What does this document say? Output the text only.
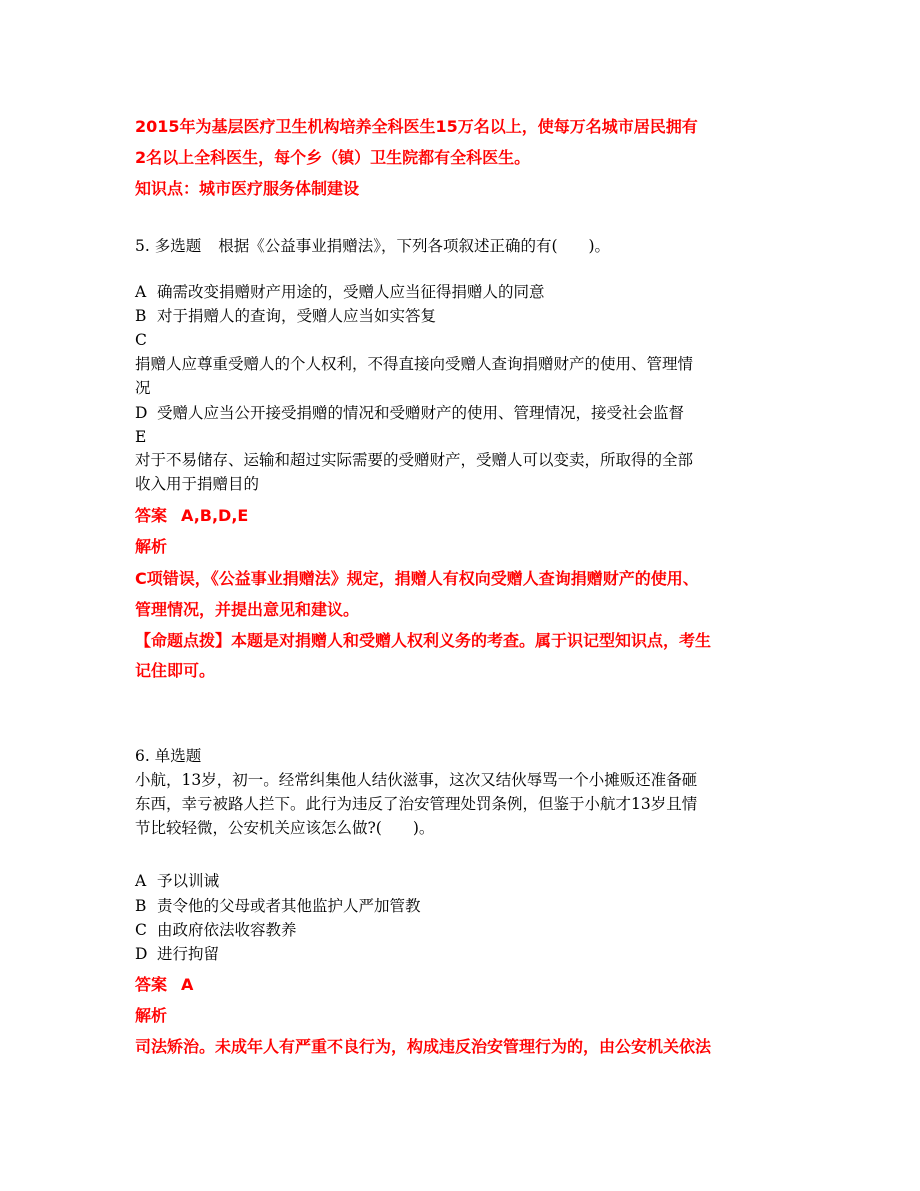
2015年为基层医疗卫生机构培养全科医生15万名以上，使每万名城市居民拥有
2名以上全科医生，每个乡（镇）卫生院都有全科医生。
知识点：城市医疗服务体制建设
5. 多选题 根据《公益事业捐赠法》，下列各项叙述正确的有(　　)。
A 确需改变捐赠财产用途的，受赠人应当征得捐赠人的同意
B 对于捐赠人的查询，受赠人应当如实答复
C
捐赠人应尊重受赠人的个人权利，不得直接向受赠人查询捐赠财产的使用、管理情
况
D 受赠人应当公开接受捐赠的情况和受赠财产的使用、管理情况，接受社会监督
E
对于不易储存、运输和超过实际需要的受赠财产，受赠人可以变卖，所取得的全部
收入用于捐赠目的
答案 A,B,D,E
解析
C项错误，《公益事业捐赠法》规定，捐赠人有权向受赠人查询捐赠财产的使用、
管理情况，并提出意见和建议。
【命题点拨】本题是对捐赠人和受赠人权利义务的考查。属于识记型知识点，考生
记住即可。
6. 单选题
小航，13岁，初一。经常纠集他人结伙滋事，这次又结伙辱骂一个小摊贩还准备砸
东西，幸亏被路人拦下。此行为违反了治安管理处罚条例，但鉴于小航才13岁且情
节比较轻微，公安机关应该怎么做?(　　)。
A 予以训诫
B 责令他的父母或者其他监护人严加管教
C 由政府依法收容教养
D 进行拘留
答案 A
解析
司法矫治。未成年人有严重不良行为，构成违反治安管理行为的，由公安机关依法
